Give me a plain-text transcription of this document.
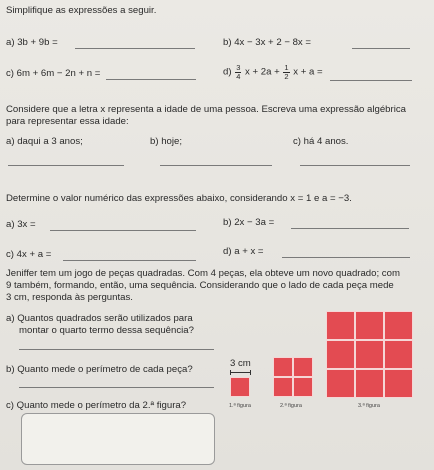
Simplifique as expressões a seguir.
a) 3b + 9b =	b) 4x − 3x + 2 − 8x =
c) 6m + 6m − 2n + n =	$d) \frac{3}{4}$ $x + 2a + \frac{1}{2}$ x + a =
Considere que a letra x representa a idade de uma pessoa. Escreva uma expressão algébrica
para representar essa idade:
a) daqui a 3 anos;	b) hoje;	c) há 4 anos.
Determine o valor numérico das expressões abaixo, considerando x = 1 e a = −3.
a) 3x =	b) 2x − 3a =
c) 4x + a =	d) a + x =
Jeniffer tem um jogo de peças quadradas. Com 4 peças, ela obteve um novo quadrado; com
9 também, formando, então, uma sequência. Considerando que o lado de cada peça mede
3 cm, responda às perguntas.
a) Quantos quadrados serão utilizados para
montar o quarto termo dessa sequência?
b) Quanto mede o perímetro de cada peça?
c) Quanto mede o perímetro da 2.ª figura?
3 cm
1.ª figura	2.ª figura	3.ª figura
